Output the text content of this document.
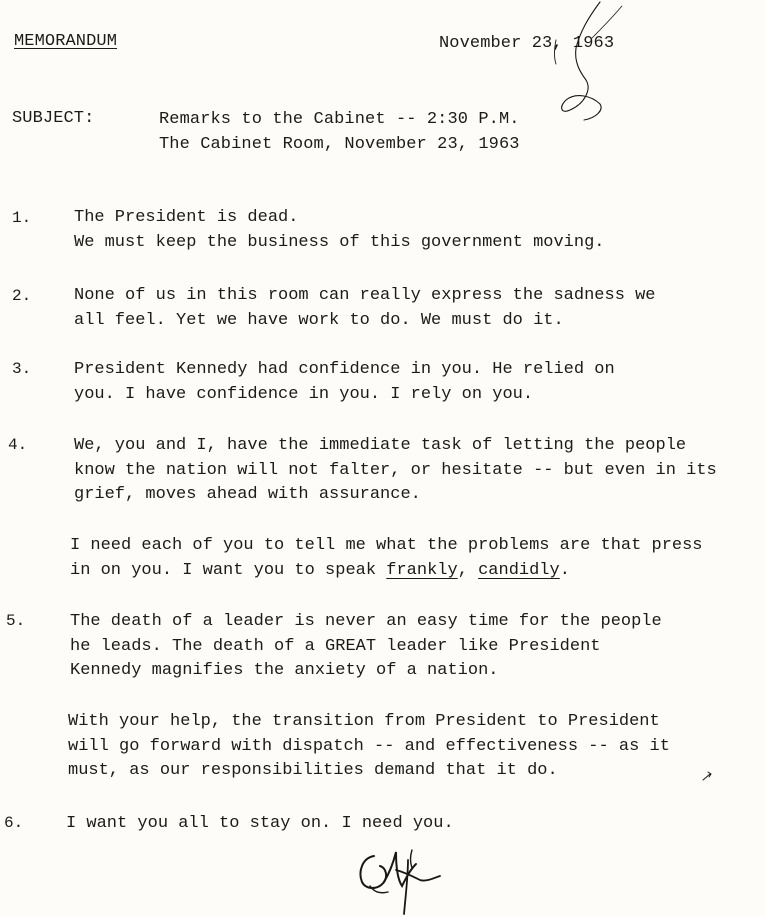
MEMORANDUM	November 23, 1963
SUBJECT:	Remarks to the Cabinet -- 2:30 P.M.
The Cabinet Room, November 23, 1963
1.	The President is dead.
We must keep the business of this government moving.
2.	None of us in this room can really express the sadness we
all feel. Yet we have work to do. We must do it.
3.	President Kennedy had confidence in you. He relied on
you. I have confidence in you. I rely on you.
4.	We, you and I, have the immediate task of letting the people
know the nation will not falter, or hesitate -- but even in its
grief, moves ahead with assurance.
I need each of you to tell me what the problems are that press
in on you. I want you to speak frankly, candidly.
5.	The death of a leader is never an easy time for the people
he leads. The death of a GREAT leader like President
Kennedy magnifies the anxiety of a nation.
With your help, the transition from President to President
will go forward with dispatch -- and effectiveness -- as it
must, as our responsibilities demand that it do.
6.	I want you all to stay on. I need you.
